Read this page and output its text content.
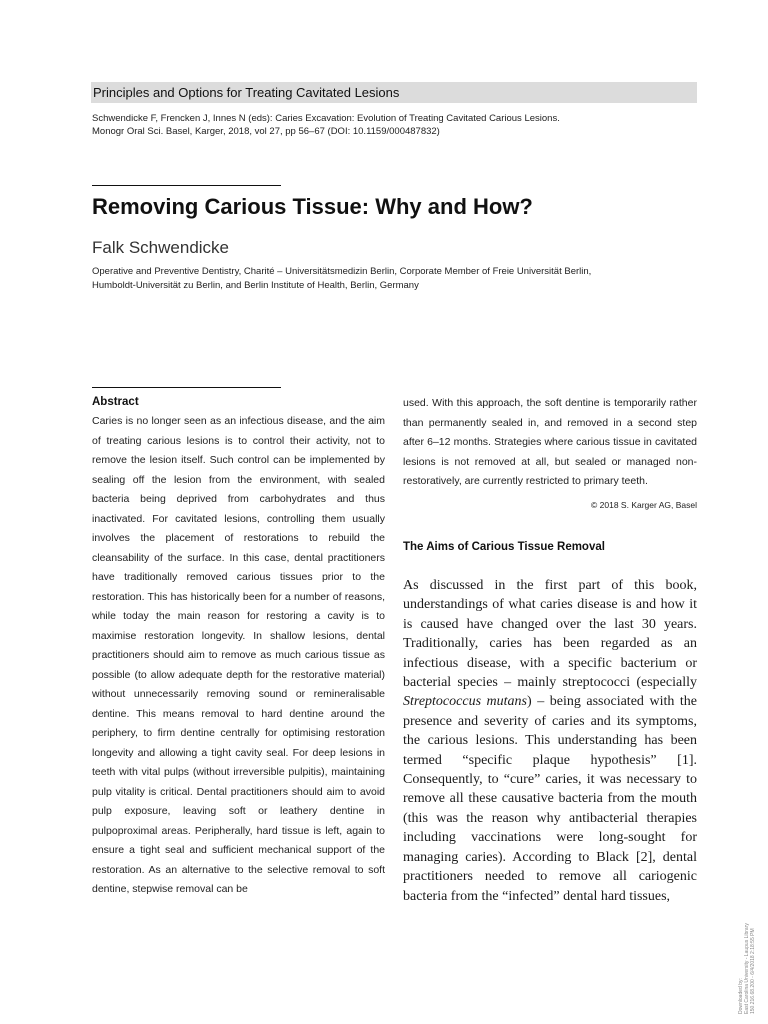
Principles and Options for Treating Cavitated Lesions
Schwendicke F, Frencken J, Innes N (eds): Caries Excavation: Evolution of Treating Cavitated Carious Lesions.
Monogr Oral Sci. Basel, Karger, 2018, vol 27, pp 56–67 (DOI: 10.1159/000487832)
Removing Carious Tissue: Why and How?
Falk Schwendicke
Operative and Preventive Dentistry, Charité – Universitätsmedizin Berlin, Corporate Member of Freie Universität Berlin,
Humboldt-Universität zu Berlin, and Berlin Institute of Health, Berlin, Germany
Abstract
Caries is no longer seen as an infectious disease, and the aim of treating carious lesions is to control their activity, not to remove the lesion itself. Such control can be implemented by sealing off the lesion from the environment, with sealed bacteria being deprived from carbohydrates and thus inactivated. For cavitated lesions, controlling them usually involves the placement of restorations to rebuild the cleansability of the surface. In this case, dental practitioners have traditionally removed carious tissues prior to the restoration. This has historically been for a number of reasons, while today the main reason for restoring a cavity is to maximise restoration longevity. In shallow lesions, dental practitioners should aim to remove as much carious tissue as possible (to allow adequate depth for the restorative material) without unnecessarily removing sound or remineralisable dentine. This means removal to hard dentine around the periphery, to firm dentine centrally for optimising restoration longevity and allowing a tight cavity seal. For deep lesions in teeth with vital pulps (without irreversible pulpitis), maintaining pulp vitality is critical. Dental practitioners should aim to avoid pulp exposure, leaving soft or leathery dentine in pulpoproximal areas. Peripherally, hard tissue is left, again to ensure a tight seal and sufficient mechanical support of the restoration. As an alternative to the selective removal to soft dentine, stepwise removal can be
used. With this approach, the soft dentine is temporarily rather than permanently sealed in, and removed in a second step after 6–12 months. Strategies where carious tissue in cavitated lesions is not removed at all, but sealed or managed non-restoratively, are currently restricted to primary teeth.
© 2018 S. Karger AG, Basel
The Aims of Carious Tissue Removal
As discussed in the first part of this book, understandings of what caries disease is and how it is caused have changed over the last 30 years. Traditionally, caries has been regarded as an infectious disease, with a specific bacterium or bacterial species – mainly streptococci (especially Streptococcus mutans) – being associated with the presence and severity of caries and its symptoms, the carious lesions. This understanding has been termed “specific plaque hypothesis” [1]. Consequently, to “cure” caries, it was necessary to remove all these causative bacteria from the mouth (this was the reason why antibacterial therapies including vaccinations were long-sought for managing caries). According to Black [2], dental practitioners needed to remove all cariogenic bacteria from the “infected” dental hard tissues,
Downloaded by: East Carolina University - Laupus Library 150.216.68.200 - 6/4/2018 2:18:55 PM
